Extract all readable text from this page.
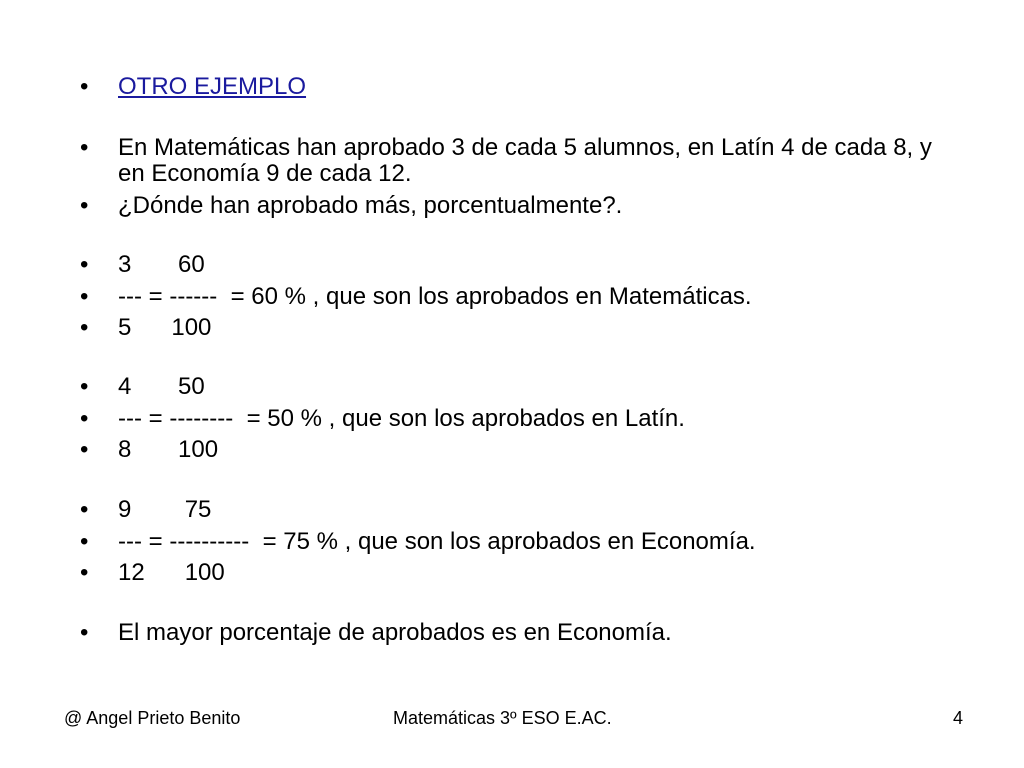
•	OTRO EJEMPLO
•	En Matemáticas han aprobado 3 de cada 5 alumnos, en Latín 4 de cada 8, y en Economía 9 de cada 12.
•	¿Dónde han aprobado más, porcentualmente?.
•	3       60
•	--- = ------  = 60 % , que son los aprobados en Matemáticas.
•	5      100
•	4       50
•	--- = --------  = 50 % , que son los aprobados en Latín.
•	8       100
•	9        75
•	--- = ----------  = 75 % , que son los aprobados en Economía.
•	12      100
•	El mayor porcentaje de aprobados es en Economía.
@ Angel Prieto Benito	Matemáticas 3º ESO E.AC.	4
